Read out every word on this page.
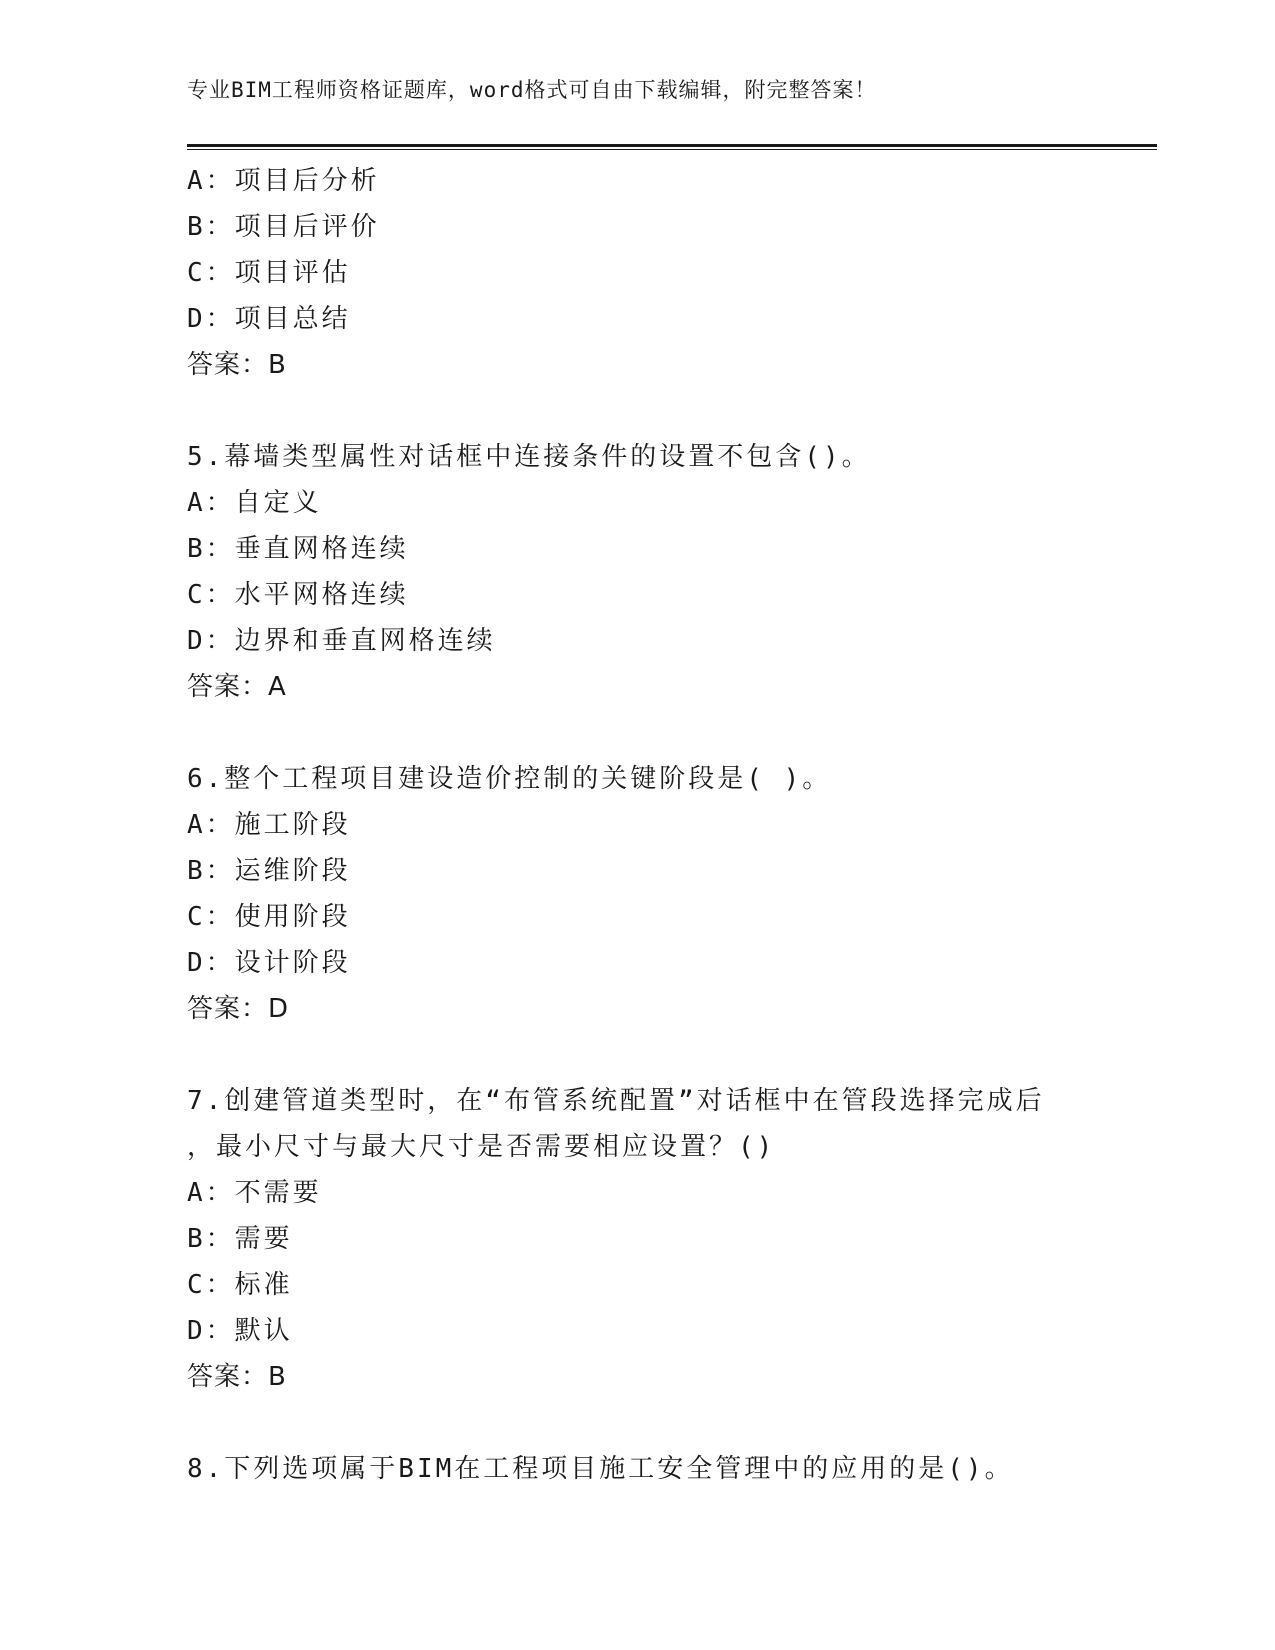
专业BIM工程师资格证题库，word格式可自由下载编辑，附完整答案！
A：项目后分析
B：项目后评价
C：项目评估
D：项目总结
答案：B
5.幕墙类型属性对话框中连接条件的设置不包含()。
A：自定义
B：垂直网格连续
C：水平网格连续
D：边界和垂直网格连续
答案：A
6.整个工程项目建设造价控制的关键阶段是( )。
A：施工阶段
B：运维阶段
C：使用阶段
D：设计阶段
答案：D
7.创建管道类型时，在“布管系统配置”对话框中在管段选择完成后
，最小尺寸与最大尺寸是否需要相应设置？()
A：不需要
B：需要
C：标准
D：默认
答案：B
8.下列选项属于BIM在工程项目施工安全管理中的应用的是()。
